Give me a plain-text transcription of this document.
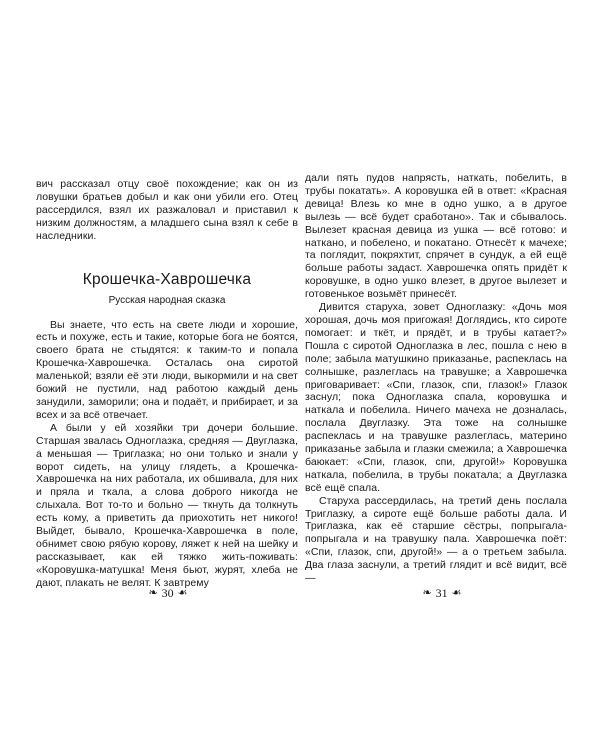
вич рассказал отцу своё похождение; как он из ловушки братьев добыл и как они убили его. Отец рассердился, взял их разжаловал и приставил к низким должностям, а младшего сына взял к себе в наследники.

Крошечка-Хаврошечка
Русская народная сказка

Вы знаете, что есть на свете люди и хорошие, есть и похуже, есть и такие, которые бога не боятся, своего брата не стыдятся: к таким-то и попала Крошечка-Хаврошечка. Осталась она сиротой маленькой; взяли её эти люди, выкормили и на свет божий не пустили, над работою каждый день занудили, заморили; она и подаёт, и прибирает, и за всех и за всё отвечает.

А были у ей хозяйки три дочери большие. Старшая звалась Одноглазка, средняя — Двуглазка, а меньшая — Триглазка; но они только и знали у ворот сидеть, на улицу глядеть, а Крошечка-Хаврошечка на них работала, их обшивала, для них и пряла и ткала, а слова доброго никогда не слыхала. Вот то-то и больно — ткнуть да толкнуть есть кому, а приветить да приохотить нет никого! Выйдет, бывало, Крошечка-Хаврошечка в поле, обнимет свою рябую корову, ляжет к ней на шейку и рассказывает, как ей тяжко жить-поживать: «Коровушка-матушка! Меня бьют, журят, хлеба не дают, плакать не велят. К завтрему

дали пять пудов напрясть, наткать, побелить, в трубы покатать». А коровушка ей в ответ: «Красная девица! Влезь ко мне в одно ушко, а в другое вылезь — всё будет сработано». Так и сбывалось. Вылезет красная девица из ушка — всё готово: и натканo, и побелено, и покатано. Отнесёт к мачехе; та поглядит, покряхтит, спрячет в сундук, а ей ещё больше работы задаст. Хаврошечка опять придёт к коровушке, в одно ушко влезет, в другое вылезет и готовенькое возьмёт принесёт.

Дивится старуха, зовет Одноглазку: «Дочь моя хорошая, дочь моя пригожая! Доглядись, кто сироте помогает: и ткёт, и прядёт, и в трубы катает?» Пошла с сиротой Одноглазка в лес, пошла с нею в поле; забыла матушкино приказанье, распеклась на солнышке, разлеглась на травушке; а Хаврошечка приговаривает: «Спи, глазок, спи, глазок!» Глазок заснул; пока Одноглазка спала, коровушка и наткала и побелила. Ничего мачеха не дозналась, послала Двуглазку. Эта тоже на солнышке распеклась и на травушке разлеглась, материно приказанье забыла и глазки смежила; а Хаврошечка баюкает: «Спи, глазок, спи, другой!» Коровушка наткала, побелила, в трубы покатала; а Двуглазка всё ещё спала.

Старуха рассердилась, на третий день послала Триглазку, а сироте ещё больше работы дала. И Триглазка, как её старшие сёстры, попрыгала-попрыгала и на травушку пала. Хаврошечка поёт: «Спи, глазок, спи, другой!» — а о третьем забыла. Два глаза заснули, а третий глядит и всё видит, всё —

❧ 30 ☙	❧ 31 ☙
